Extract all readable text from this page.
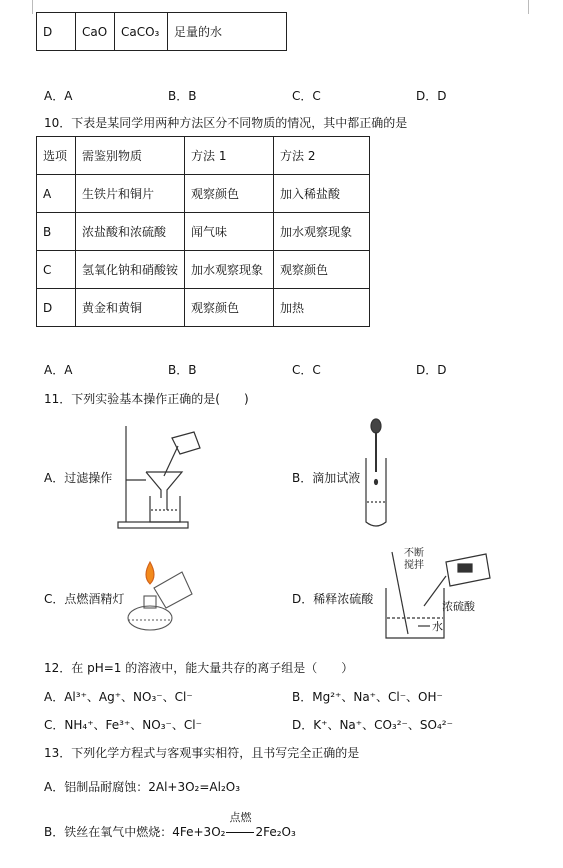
D	CaO	CaCO₃	足量的水
A．A	B．B	C．C	D．D
10．下表是某同学用两种方法区分不同物质的情况，其中都正确的是
选项	需鉴别物质	方法 1	方法 2
A	生铁片和铜片	观察颜色	加入稀盐酸
B	浓盐酸和浓硫酸	闻气味	加水观察现象
C	氢氧化钠和硝酸铵	加水观察现象	观察颜色
D	黄金和黄铜	观察颜色	加热
A．A	B．B	C．C	D．D
11．下列实验基本操作正确的是(　　)
A．过滤操作	B．滴加试液
C．点燃酒精灯	D．稀释浓硫酸
不断
搅拌
浓硫酸
水
12．在 pH=1 的溶液中，能大量共存的离子组是（　　）
A．Al³⁺、Ag⁺、NO₃⁻、Cl⁻	B．Mg²⁺、Na⁺、Cl⁻、OH⁻
C．NH₄⁺、Fe³⁺、NO₃⁻、Cl⁻	D．K⁺、Na⁺、CO₃²⁻、SO₄²⁻
13．下列化学方程式与客观事实相符，且书写完全正确的是
A．铝制品耐腐蚀：2Al+3O₂=Al₂O₃
B．铁丝在氧气中燃烧：4Fe+3O₂
点燃
2Fe₂O₃
